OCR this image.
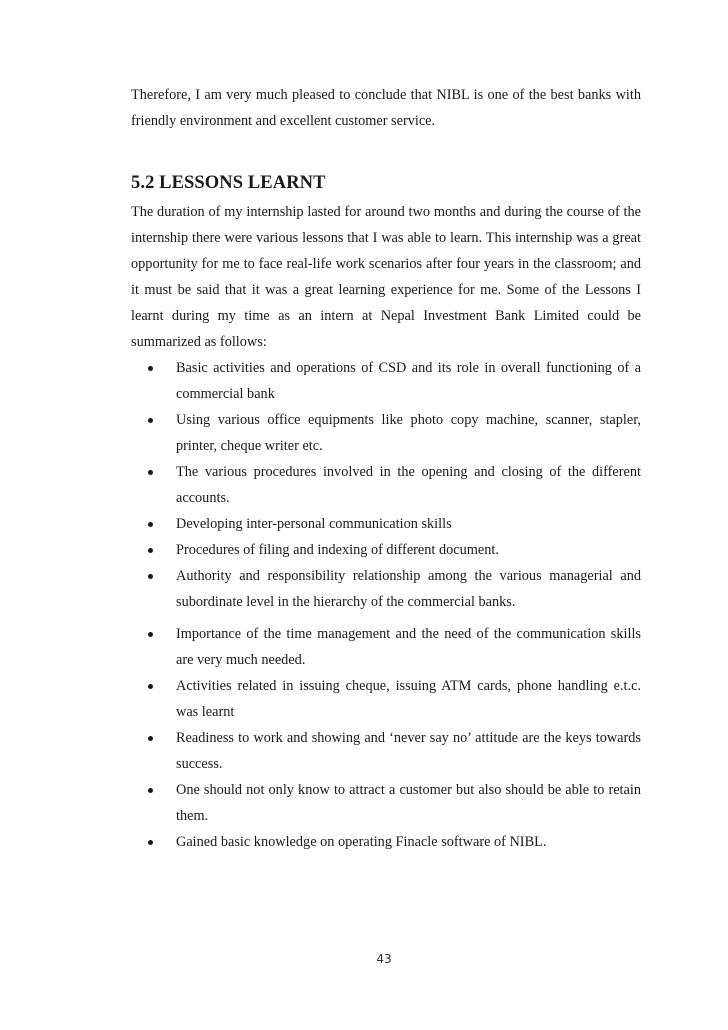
Therefore, I am very much pleased to conclude that NIBL is one of the best banks with friendly environment and excellent customer service.

5.2 LESSONS LEARNT

The duration of my internship lasted for around two months and during the course of the internship there were various lessons that I was able to learn. This internship was a great opportunity for me to face real-life work scenarios after four years in the classroom; and it must be said that it was a great learning experience for me. Some of the Lessons I learnt during my time as an intern at Nepal Investment Bank Limited could be summarized as follows:

Basic activities and operations of CSD and its role in overall functioning of a commercial bank
Using various office equipments like photo copy machine, scanner, stapler, printer, cheque writer etc.
The various procedures involved in the opening and closing of the different accounts.
Developing inter-personal communication skills
Procedures of filing and indexing of different document.
Authority and responsibility relationship among the various managerial and subordinate level in the hierarchy of the commercial banks.
Importance of the time management and the need of the communication skills are very much needed.
Activities related in issuing cheque, issuing ATM cards, phone handling e.t.c. was learnt
Readiness to work and showing and ‘never say no’ attitude are the keys towards success.
One should not only know to attract a customer but also should be able to retain them.
Gained basic knowledge on operating Finacle software of NIBL.
43
